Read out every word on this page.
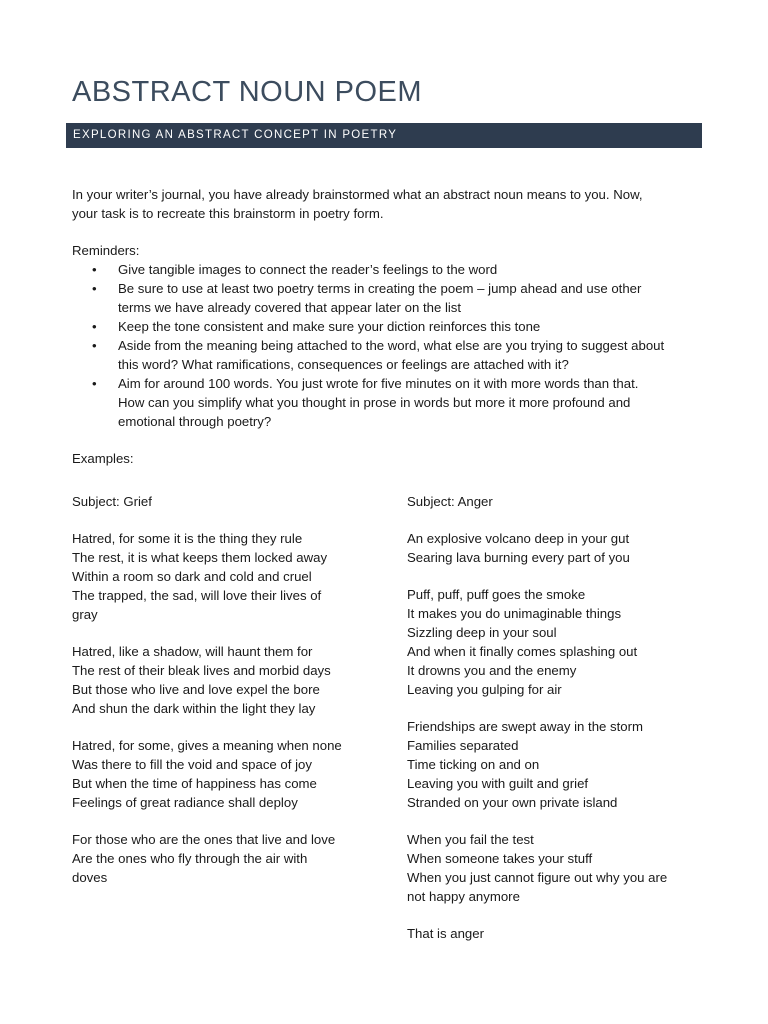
ABSTRACT NOUN POEM
EXPLORING AN ABSTRACT CONCEPT IN POETRY

In your writer’s journal, you have already brainstormed what an abstract noun means to you. Now,
your task is to recreate this brainstorm in poetry form.

Reminders:

• Give tangible images to connect the reader’s feelings to the word
• Be sure to use at least two poetry terms in creating the poem – jump ahead and use other
terms we have already covered that appear later on the list
• Keep the tone consistent and make sure your diction reinforces this tone
• Aside from the meaning being attached to the word, what else are you trying to suggest about
this word? What ramifications, consequences or feelings are attached with it?
• Aim for around 100 words. You just wrote for five minutes on it with more words than that.
How can you simplify what you thought in prose in words but more it more profound and
emotional through poetry?

Examples:

Subject: Grief

Hatred, for some it is the thing they rule
The rest, it is what keeps them locked away
Within a room so dark and cold and cruel
The trapped, the sad, will love their lives of
gray

Hatred, like a shadow, will haunt them for
The rest of their bleak lives and morbid days
But those who live and love expel the bore
And shun the dark within the light they lay

Hatred, for some, gives a meaning when none
Was there to fill the void and space of joy
But when the time of happiness has come
Feelings of great radiance shall deploy

For those who are the ones that live and love
Are the ones who fly through the air with
doves

Subject: Anger

An explosive volcano deep in your gut
Searing lava burning every part of you

Puff, puff, puff goes the smoke
It makes you do unimaginable things
Sizzling deep in your soul
And when it finally comes splashing out
It drowns you and the enemy
Leaving you gulping for air

Friendships are swept away in the storm
Families separated
Time ticking on and on
Leaving you with guilt and grief
Stranded on your own private island

When you fail the test
When someone takes your stuff
When you just cannot figure out why you are
not happy anymore

That is anger
